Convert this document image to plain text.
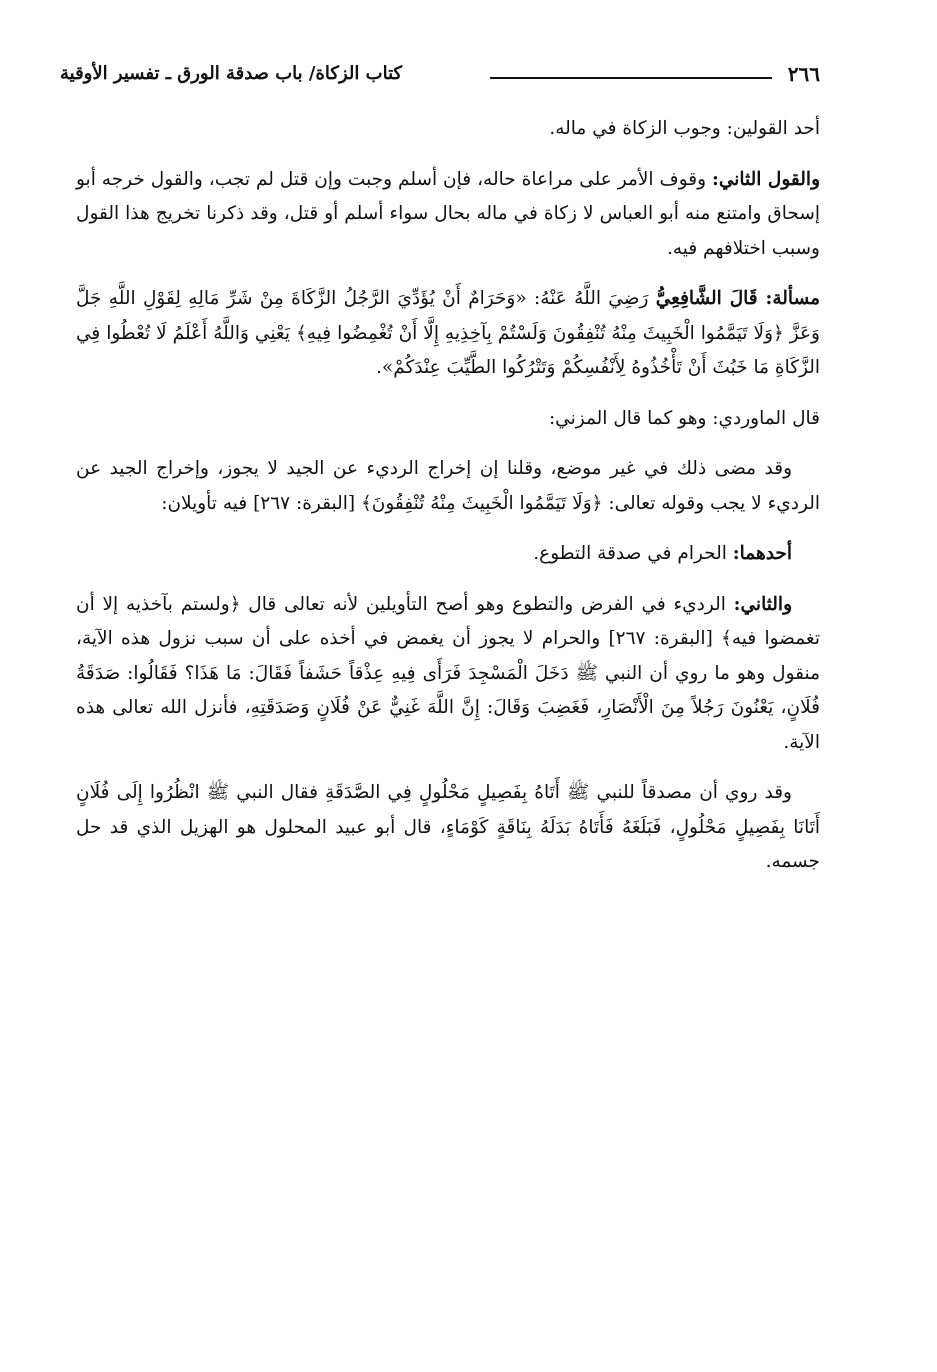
٢٦٦
كتاب الزكاة/ باب صدقة الورق ـ تفسير الأوقية

أحد القولين: وجوب الزكاة في ماله.

والقول الثاني: وقوف الأمر على مراعاة حاله، فإن أسلم وجبت وإن قتل لم تجب، والقول خرجه أبو إسحاق وامتنع منه أبو العباس لا زكاة في ماله بحال سواء أسلم أو قتل، وقد ذكرنا تخريج هذا القول وسبب اختلافهم فيه.

مسألة: قَالَ الشَّافِعِيُّ رَضِيَ اللَّهُ عَنْهُ: «وَحَرَامٌ أَنْ يُؤَدِّيَ الرَّجُلُ الزَّكَاةَ مِنْ شَرِّ مَالِهِ لِقَوْلِ اللَّهِ جَلَّ وَعَزَّ ﴿وَلَا تَيَمَّمُوا الْخَبِيثَ مِنْهُ تُنْفِقُونَ وَلَسْتُمْ بِآخِذِيهِ إِلَّا أَنْ تُغْمِضُوا فِيهِ﴾ يَعْنِي وَاللَّهُ أَعْلَمُ لَا تُعْطُوا فِي الزَّكَاةِ مَا خَبُثَ أَنْ تَأْخُذُوهُ لِأَنْفُسِكُمْ وَتَتْرُكُوا الطَّيِّبَ عِنْدَكُمْ».

قال الماوردي: وهو كما قال المزني:

وقد مضى ذلك في غير موضع، وقلنا إن إخراج الرديء عن الجيد لا يجوز، وإخراج الجيد عن الرديء لا يجب وقوله تعالى: ﴿وَلَا تَيَمَّمُوا الْخَبِيثَ مِنْهُ تُنْفِقُونَ﴾ [البقرة: ٢٦٧] فيه تأويلان:

أحدهما: الحرام في صدقة التطوع.

والثاني: الرديء في الفرض والتطوع وهو أصح التأويلين لأنه تعالى قال ﴿ولستم بآخذيه إلا أن تغمضوا فيه﴾ [البقرة: ٢٦٧] والحرام لا يجوز أن يغمض في أخذه على أن سبب نزول هذه الآية، منقول وهو ما روي أن النبي ﷺ دَخَلَ الْمَسْجِدَ فَرَأَى فِيهِ عِذْقاً حَشَفاً فَقَالَ: مَا هَذَا؟ فَقَالُوا: صَدَقَةُ فُلَانٍ، يَعْنُونَ رَجُلاً مِنَ الْأَنْصَارِ، فَغَضِبَ وَقَالَ: إِنَّ اللَّهَ غَنِيٌّ عَنْ فُلَانٍ وَصَدَقَتِهِ، فأنزل الله تعالى هذه الآية.

وقد روي أن مصدقاً للنبي ﷺ أَتَاهُ بِفَصِيلٍ مَحْلُولٍ فِي الصَّدَقَةِ فقال النبي ﷺ انْظُرُوا إِلَى فُلَانٍ أَتَانَا بِفَصِيلٍ مَحْلُولٍ، فَبَلَغَهُ فَأَتَاهُ بَدَلَهُ بِنَاقَةٍ كَوْمَاءٍ، قال أبو عبيد المحلول هو الهزيل الذي قد حل جسمه.
